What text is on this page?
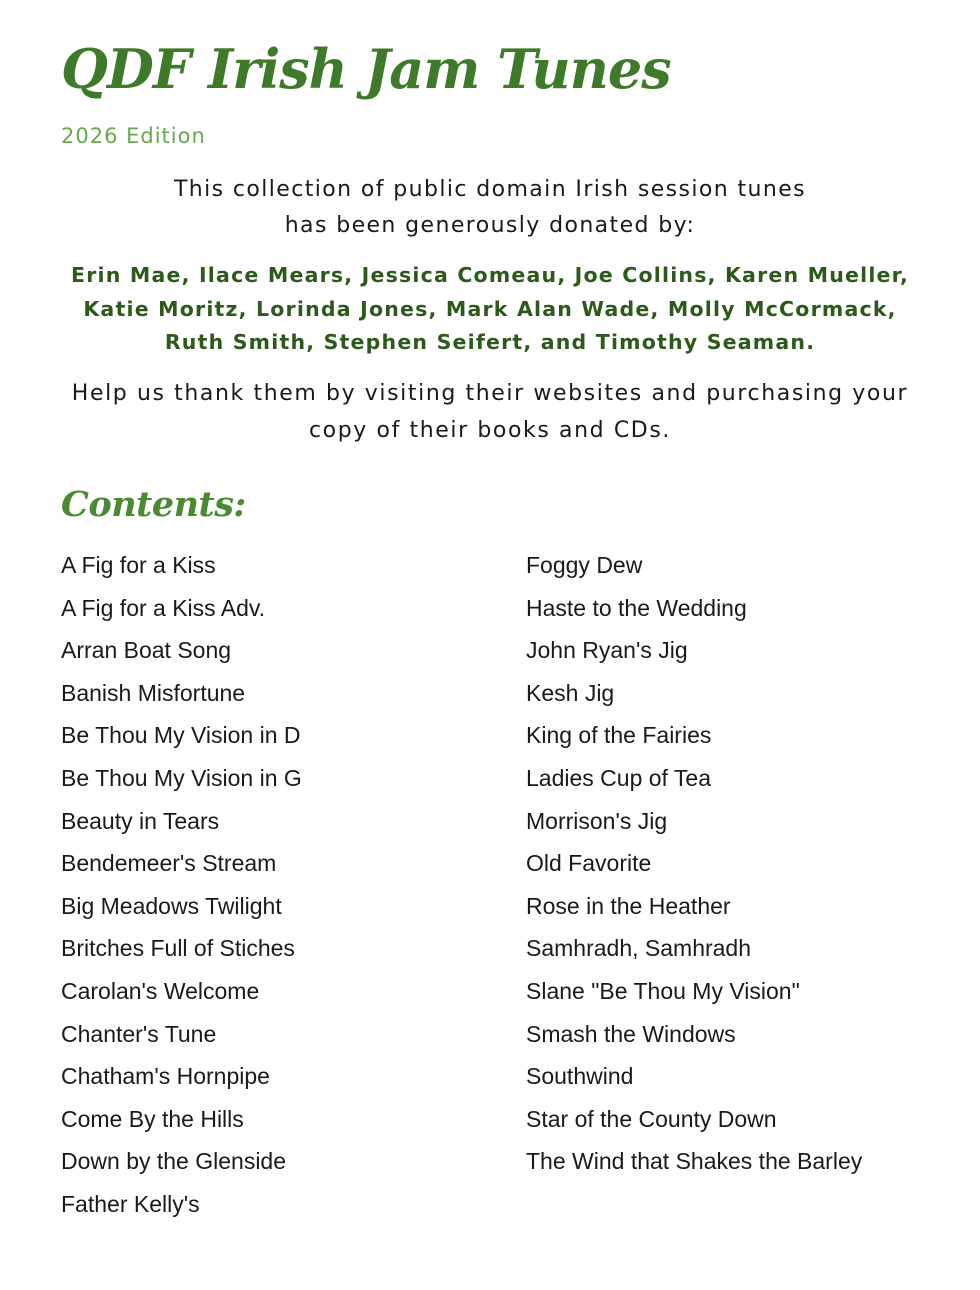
QDF Irish Jam Tunes
2026 Edition
This collection of public domain Irish session tunes
has been generously donated by:
Erin Mae, Ilace Mears, Jessica Comeau, Joe Collins, Karen Mueller,
Katie Moritz, Lorinda Jones, Mark Alan Wade, Molly McCormack,
Ruth Smith, Stephen Seifert, and Timothy Seaman.
Help us thank them by visiting their websites and purchasing your
copy of their books and CDs.
Contents:
A Fig for a Kiss
A Fig for a Kiss Adv.
Arran Boat Song
Banish Misfortune
Be Thou My Vision in D
Be Thou My Vision in G
Beauty in Tears
Bendemeer's Stream
Big Meadows Twilight
Britches Full of Stiches
Carolan's Welcome
Chanter's Tune
Chatham's Hornpipe
Come By the Hills
Down by the Glenside
Father Kelly's
Foggy Dew
Haste to the Wedding
John Ryan's Jig
Kesh Jig
King of the Fairies
Ladies Cup of Tea
Morrison's Jig
Old Favorite
Rose in the Heather
Samhradh, Samhradh
Slane "Be Thou My Vision"
Smash the Windows
Southwind
Star of the County Down
The Wind that Shakes the Barley
